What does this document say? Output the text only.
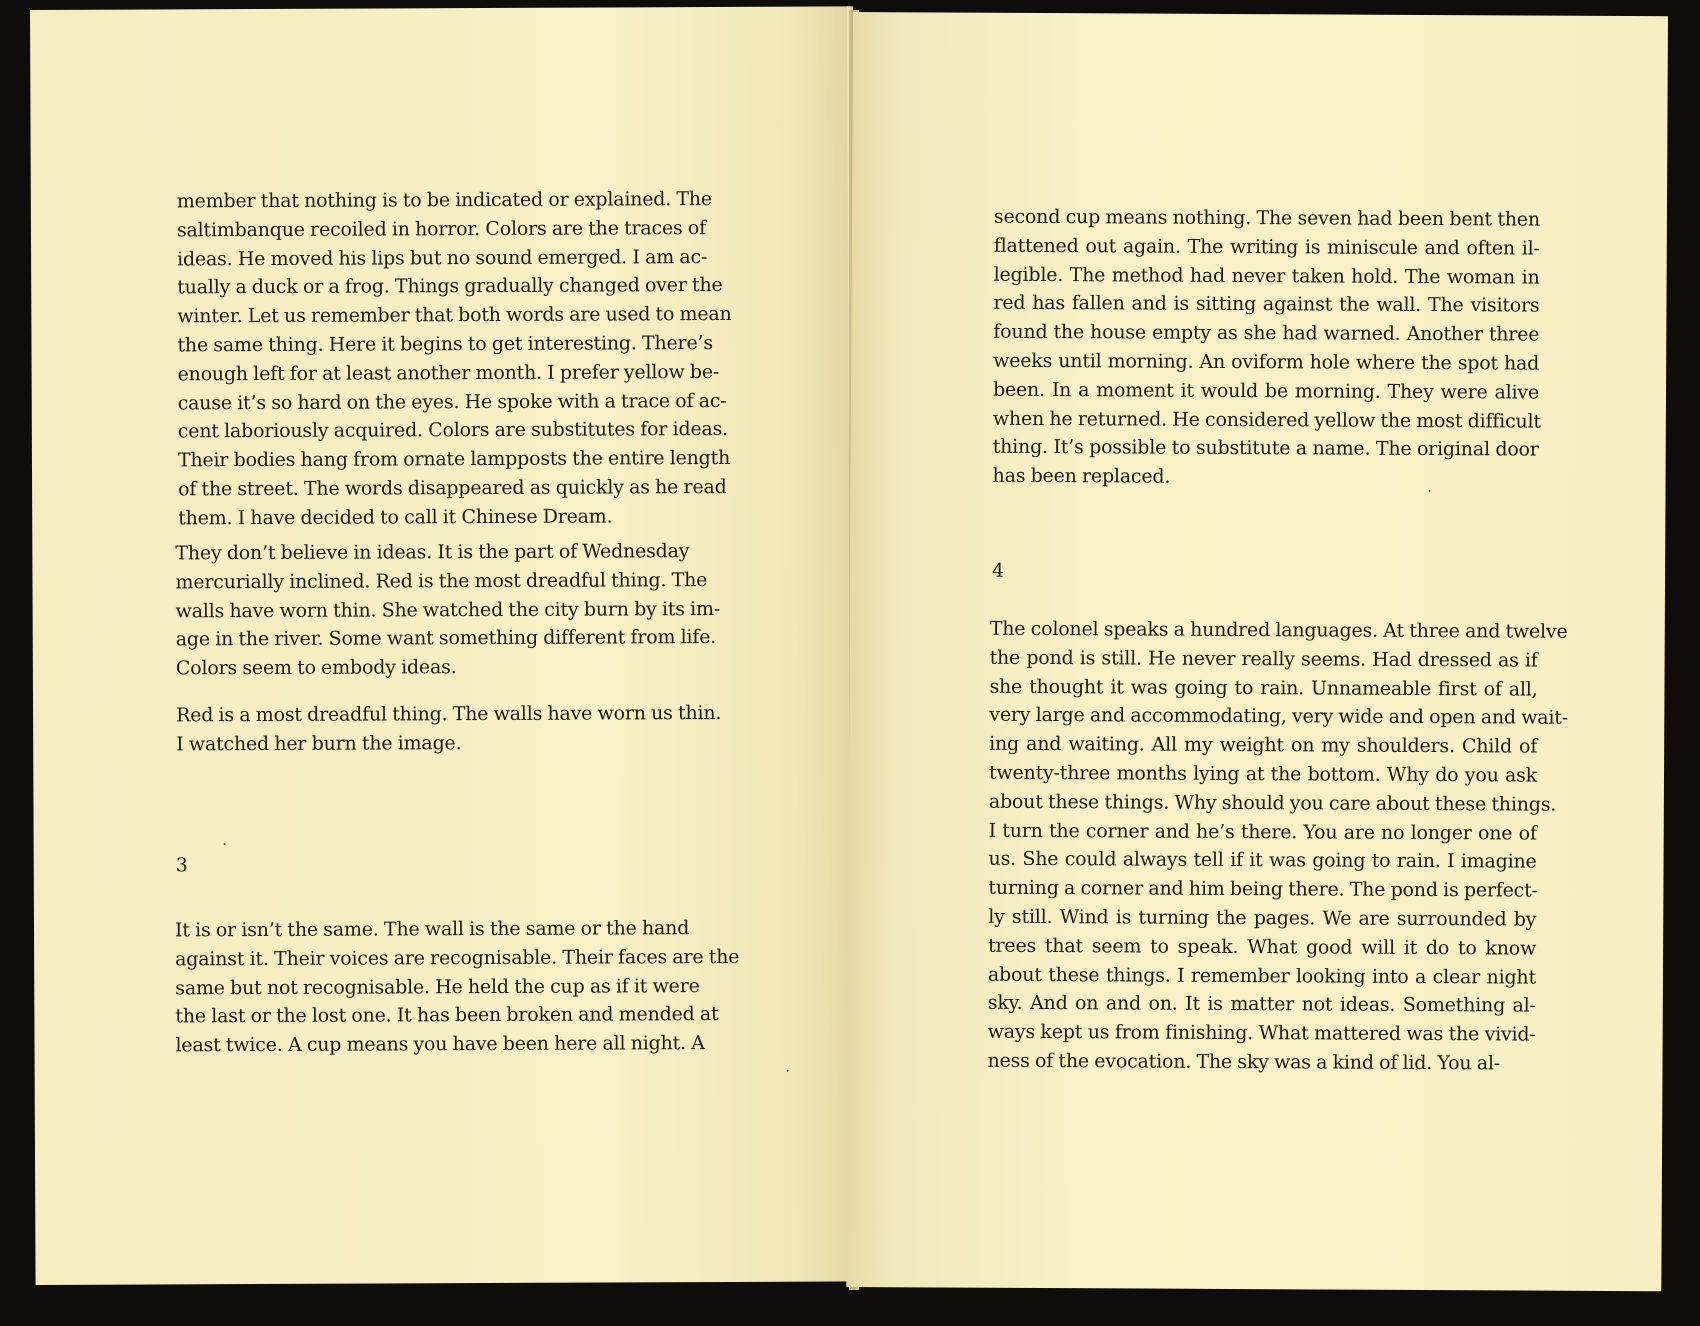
member that nothing is to be indicated or explained. The
saltimbanque recoiled in horror. Colors are the traces of
ideas. He moved his lips but no sound emerged. I am ac-
tually a duck or a frog. Things gradually changed over the
winter. Let us remember that both words are used to mean
the same thing. Here it begins to get interesting. There’s
enough left for at least another month. I prefer yellow be-
cause it’s so hard on the eyes. He spoke with a trace of ac-
cent laboriously acquired. Colors are substitutes for ideas.
Their bodies hang from ornate lampposts the entire length
of the street. The words disappeared as quickly as he read
them. I have decided to call it Chinese Dream.
They don’t believe in ideas. It is the part of Wednesday
mercurially inclined. Red is the most dreadful thing. The
walls have worn thin. She watched the city burn by its im-
age in the river. Some want something different from life.
Colors seem to embody ideas.
Red is a most dreadful thing. The walls have worn us thin.
I watched her burn the image.
3
It is or isn’t the same. The wall is the same or the hand
against it. Their voices are recognisable. Their faces are the
same but not recognisable. He held the cup as if it were
the last or the lost one. It has been broken and mended at
least twice. A cup means you have been here all night. A
second cup means nothing. The seven had been bent then
flattened out again. The writing is miniscule and often il-
legible. The method had never taken hold. The woman in
red has fallen and is sitting against the wall. The visitors
found the house empty as she had warned. Another three
weeks until morning. An oviform hole where the spot had
been. In a moment it would be morning. They were alive
when he returned. He considered yellow the most difficult
thing. It’s possible to substitute a name. The original door
has been replaced.
4
The colonel speaks a hundred languages. At three and twelve
the pond is still. He never really seems. Had dressed as if
she thought it was going to rain. Unnameable first of all,
very large and accommodating, very wide and open and wait-
ing and waiting. All my weight on my shoulders. Child of
twenty-three months lying at the bottom. Why do you ask
about these things. Why should you care about these things.
I turn the corner and he’s there. You are no longer one of
us. She could always tell if it was going to rain. I imagine
turning a corner and him being there. The pond is perfect-
ly still. Wind is turning the pages. We are surrounded by
trees that seem to speak. What good will it do to know
about these things. I remember looking into a clear night
sky. And on and on. It is matter not ideas. Something al-
ways kept us from finishing. What mattered was the vivid-
ness of the evocation. The sky was a kind of lid. You al-
